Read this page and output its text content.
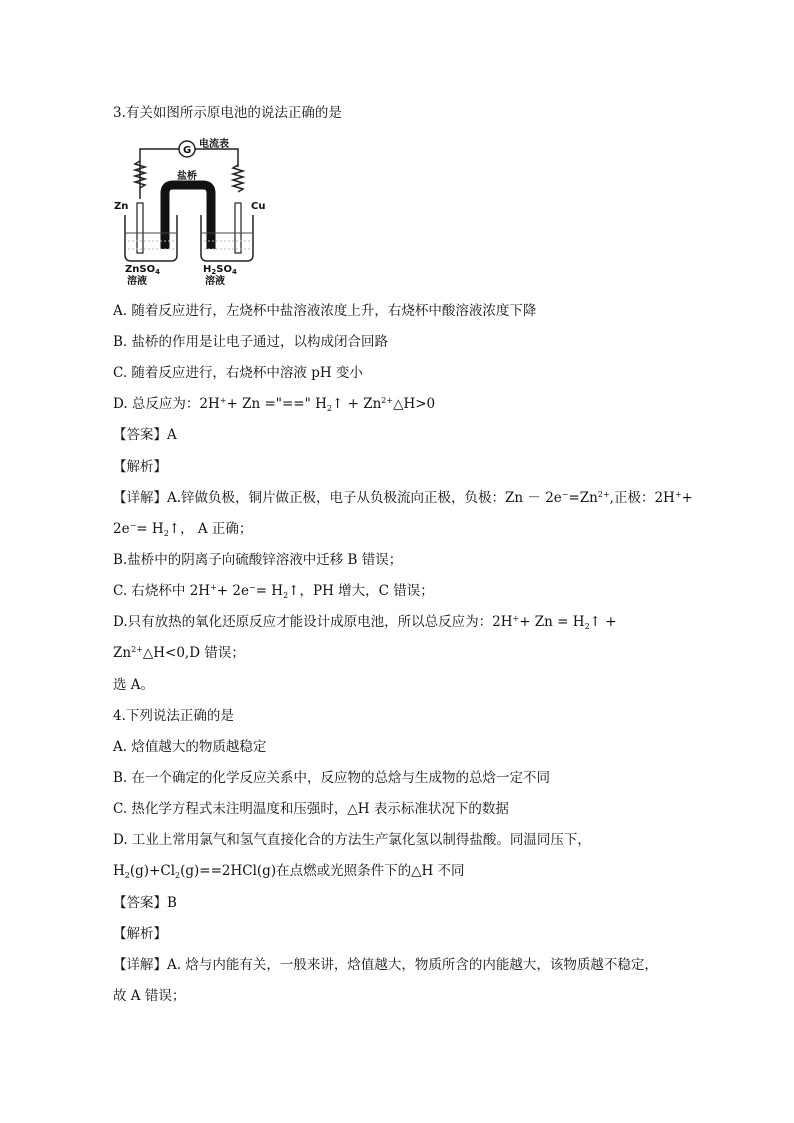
3.有关如图所示原电池的说法正确的是
G
电流表
盐桥
Zn	Cu
ZnSO$_4$
溶液
$H_2SO_4$
溶液
A. 随着反应进行，左烧杯中盐溶液浓度上升，右烧杯中酸溶液浓度下降
B. 盐桥的作用是让电子通过，以构成闭合回路
C. 随着反应进行，右烧杯中溶液 pH 变小
D. 总反应为：2H++ Zn ="==" $H_2↑$ + $Zn^{2+}\triangle H>0$
【答案】A
【解析】
【详解】A.锌做负极，铜片做正极，电子从负极流向正极，负极：$Zn - 2e^-=Zn^{2+}$,正极：2H++
$2e^-= H_2↑$， A 正确；
B.盐桥中的阴离子向硫酸锌溶液中迁移 B 错误；
C. 右烧杯中 $2H^++ 2e^-= H_2↑$，PH 增大，C 错误；
D.只有放热的氧化还原反应才能设计成原电池，所以总反应为：$2H^++ Zn = H_2↑$ +
$Zn^{2+}\triangle H<0,D$ 错误；
选 A。
4.下列说法正确的是
A. 焓值越大的物质越稳定
B. 在一个确定的化学反应关系中，反应物的总焓与生成物的总焓一定不同
C. 热化学方程式未注明温度和压强时，△H 表示标准状况下的数据
D. 工业上常用氯气和氢气直接化合的方法生产氯化氢以制得盐酸。同温同压下，
$H_2(g)+Cl_2(g)==2HCl(g)$在点燃或光照条件下的△H 不同
【答案】B
【解析】
【详解】A. 焓与内能有关，一般来讲，焓值越大，物质所含的内能越大，该物质越不稳定，
故 A 错误；
